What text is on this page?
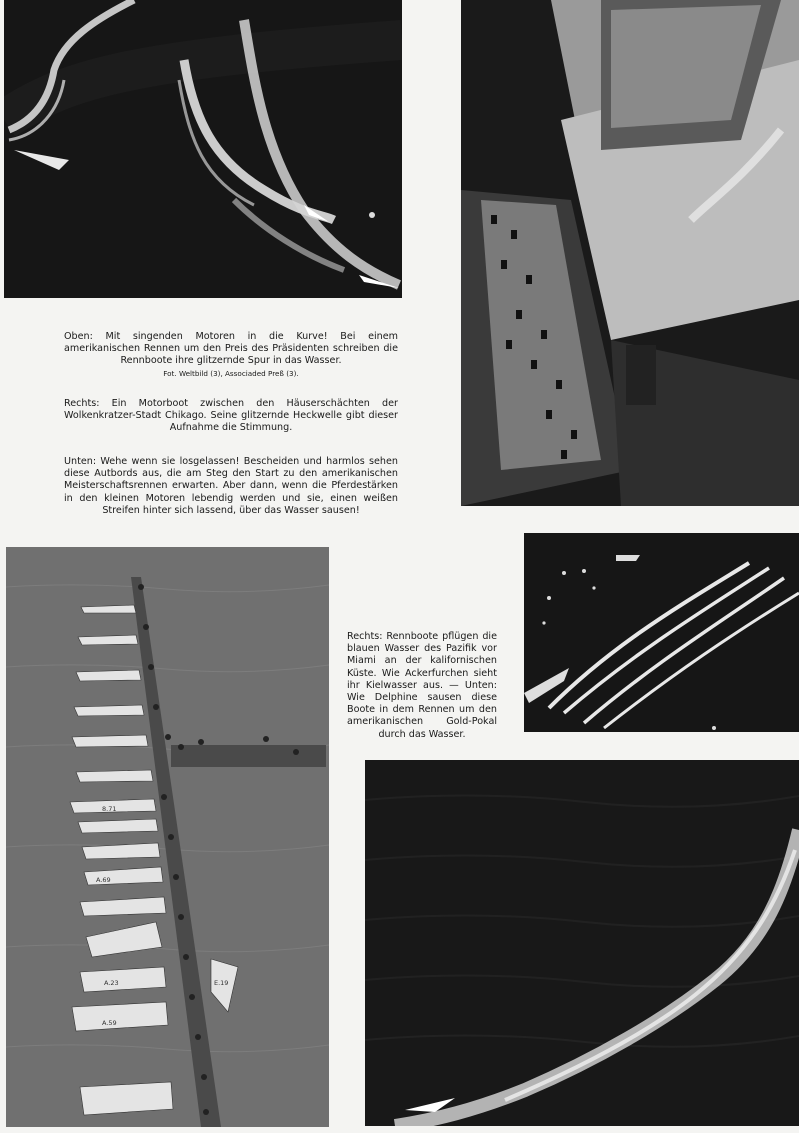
Oben: Mit singenden Motoren in die Kurve! Bei einem amerikanischen Rennen um den Preis des Präsidenten schreiben die Rennboote ihre glitzernde Spur in das Wasser.

Fot. Weltbild (3), Associaded Preß (3).

Rechts: Ein Motorboot zwischen den Häuserschächten der Wolkenkratzer-Stadt Chikago. Seine glitzernde Heckwelle gibt dieser Aufnahme die Stimmung.

Unten: Wehe wenn sie losgelassen! Bescheiden und harmlos sehen diese Autbords aus, die am Steg den Start zu den amerikanischen Meisterschaftsrennen erwarten. Aber dann, wenn die Pferdestärken in den kleinen Motoren lebendig werden und sie, einen weißen Streifen hinter sich lassend, über das Wasser sausen!

8.71
A.69
A.23
A.59
E.19

Rechts: Rennboote pflügen die blauen Wasser des Pazifik vor Miami an der kalifornischen Küste. Wie Ackerfurchen sieht ihr Kielwasser aus. — Unten: Wie Delphine sausen diese Boote in dem Rennen um den amerikanischen Gold-Pokal durch das Wasser.
